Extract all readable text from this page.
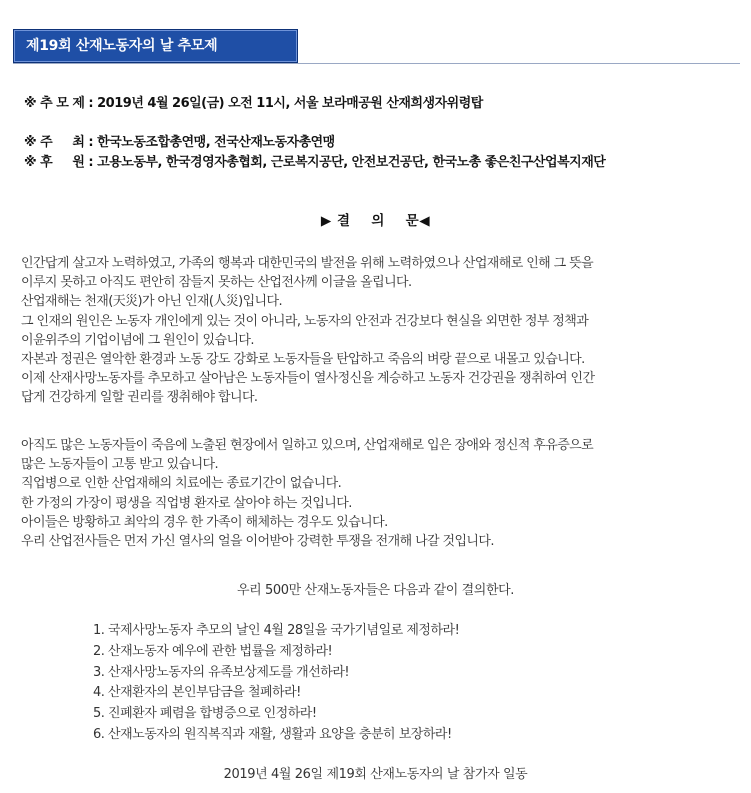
제19회 산재노동자의 날 추모제
※ 추 모 제 : 2019년 4월 26일(금) 오전 11시, 서울 보라매공원 산재희생자위령탑
※ 주     최 : 한국노동조합총연맹, 전국산재노동자총연맹
※ 후     원 : 고용노동부, 한국경영자총협회, 근로복지공단, 안전보건공단, 한국노총 좋은친구산업복지재단
▶ 결    의    문◀
인간답게 살고자 노력하였고, 가족의 행복과 대한민국의 발전을 위해 노력하였으나 산업재해로 인해 그 뜻을
이루지 못하고 아직도 편안히 잠들지 못하는 산업전사께 이글을 올립니다.
산업재해는 천재(天災)가 아닌 인재(人災)입니다.
그 인재의 원인은 노동자 개인에게 있는 것이 아니라, 노동자의 안전과 건강보다 현실을 외면한 정부 정책과
이윤위주의 기업이념에 그 원인이 있습니다.
자본과 정권은 열악한 환경과 노동 강도 강화로 노동자들을 탄압하고 죽음의 벼랑 끝으로 내몰고 있습니다.
이제 산재사망노동자를 추모하고 살아남은 노동자들이 열사정신을 계승하고 노동자 건강권을 쟁취하여 인간
답게 건강하게 일할 권리를 쟁취해야 합니다.
아직도 많은 노동자들이 죽음에 노출된 현장에서 일하고 있으며, 산업재해로 입은 장애와 정신적 후유증으로
많은 노동자들이 고통 받고 있습니다.
직업병으로 인한 산업재해의 치료에는 종료기간이 없습니다.
한 가정의 가장이 평생을 직업병 환자로 살아야 하는 것입니다.
아이들은 방황하고 최악의 경우 한 가족이 해체하는 경우도 있습니다.
우리 산업전사들은 먼저 가신 열사의 얼을 이어받아 강력한 투쟁을 전개해 나갈 것입니다.
우리 500만 산재노동자들은 다음과 같이 결의한다.
1. 국제사망노동자 추모의 날인 4월 28일을 국가기념일로 제정하라!
2. 산재노동자 예우에 관한 법률을 제정하라!
3. 산재사망노동자의 유족보상제도를 개선하라!
4. 산재환자의 본인부담금을 철폐하라!
5. 진폐환자 폐렴을 합병증으로 인정하라!
6. 산재노동자의 원직복직과 재활, 생활과 요양을 충분히 보장하라!
2019년 4월 26일 제19회 산재노동자의 날 참가자 일동
